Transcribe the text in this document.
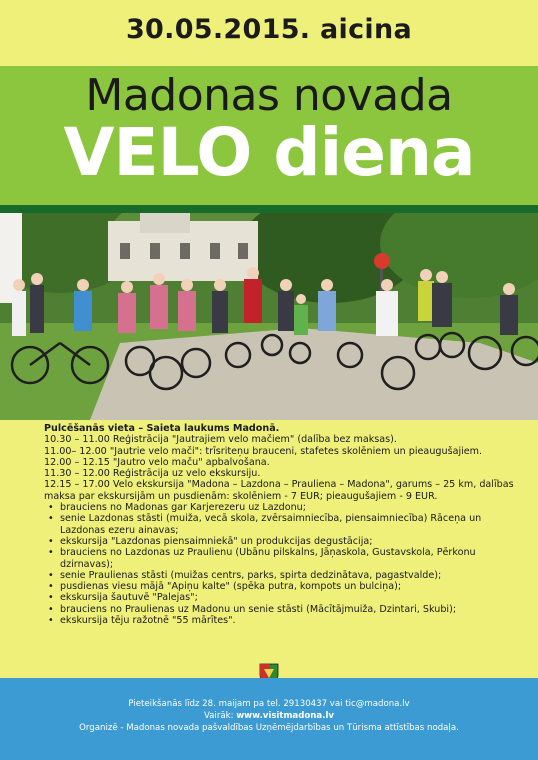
30.05.2015. aicina
Madonas novada
VELO diena
Pulcēšanās vieta – Saieta laukums Madonā.
10.30 – 11.00 Reģistrācija "Jautrajiem velo mačiem" (dalība bez maksas).
11.00– 12.00 "Jautrie velo mači": trīsriteņu brauceni, stafetes skolēniem un pieaugušajiem.
12.00 – 12.15 "Jautro velo maču" apbalvošana.
11.30 – 12.00 Reģistrācija uz velo ekskursiju.
12.15 – 17.00 Velo ekskursija "Madona – Lazdona – Prauliena – Madona", garums – 25 km, dalības maksa par ekskursijām un pusdienām: skolēniem - 7 EUR; pieaugušajiem - 9 EUR.
• brauciens no Madonas gar Karjerezeru uz Lazdonu;
• senie Lazdonas stāsti (muiža, vecā skola, zvērsaimniecība, piensaimniecība) Rāceņa un Lazdonas ezeru ainavas;
• ekskursija "Lazdonas piensaimniekā" un produkcijas degustācija;
• brauciens no Lazdonas uz Praulienu (Ubānu pilskalns, Jāņaskola, Gustavskola, Pērkonu dzirnavas);
• senie Praulienas stāsti (muižas centrs, parks, spirta dedzinātava, pagastvalde);
• pusdienas viesu mājā "Apiņu kalte" (spēka putra, kompots un bulciņa);
• ekskursija šautuvē "Palejas";
• brauciens no Praulienas uz Madonu un senie stāsti (Mācītājmuiža, Dzintari, Skubi);
• ekskursija tēju ražotnē "55 mārītes".
Pieteikšanās līdz 28. maijam pa tel. 29130437 vai tic@madona.lv
Vairāk: www.visitmadona.lv
Organizē - Madonas novada pašvaldības Uzņēmējdarbības un Tūrisma attīstības nodaļa.
